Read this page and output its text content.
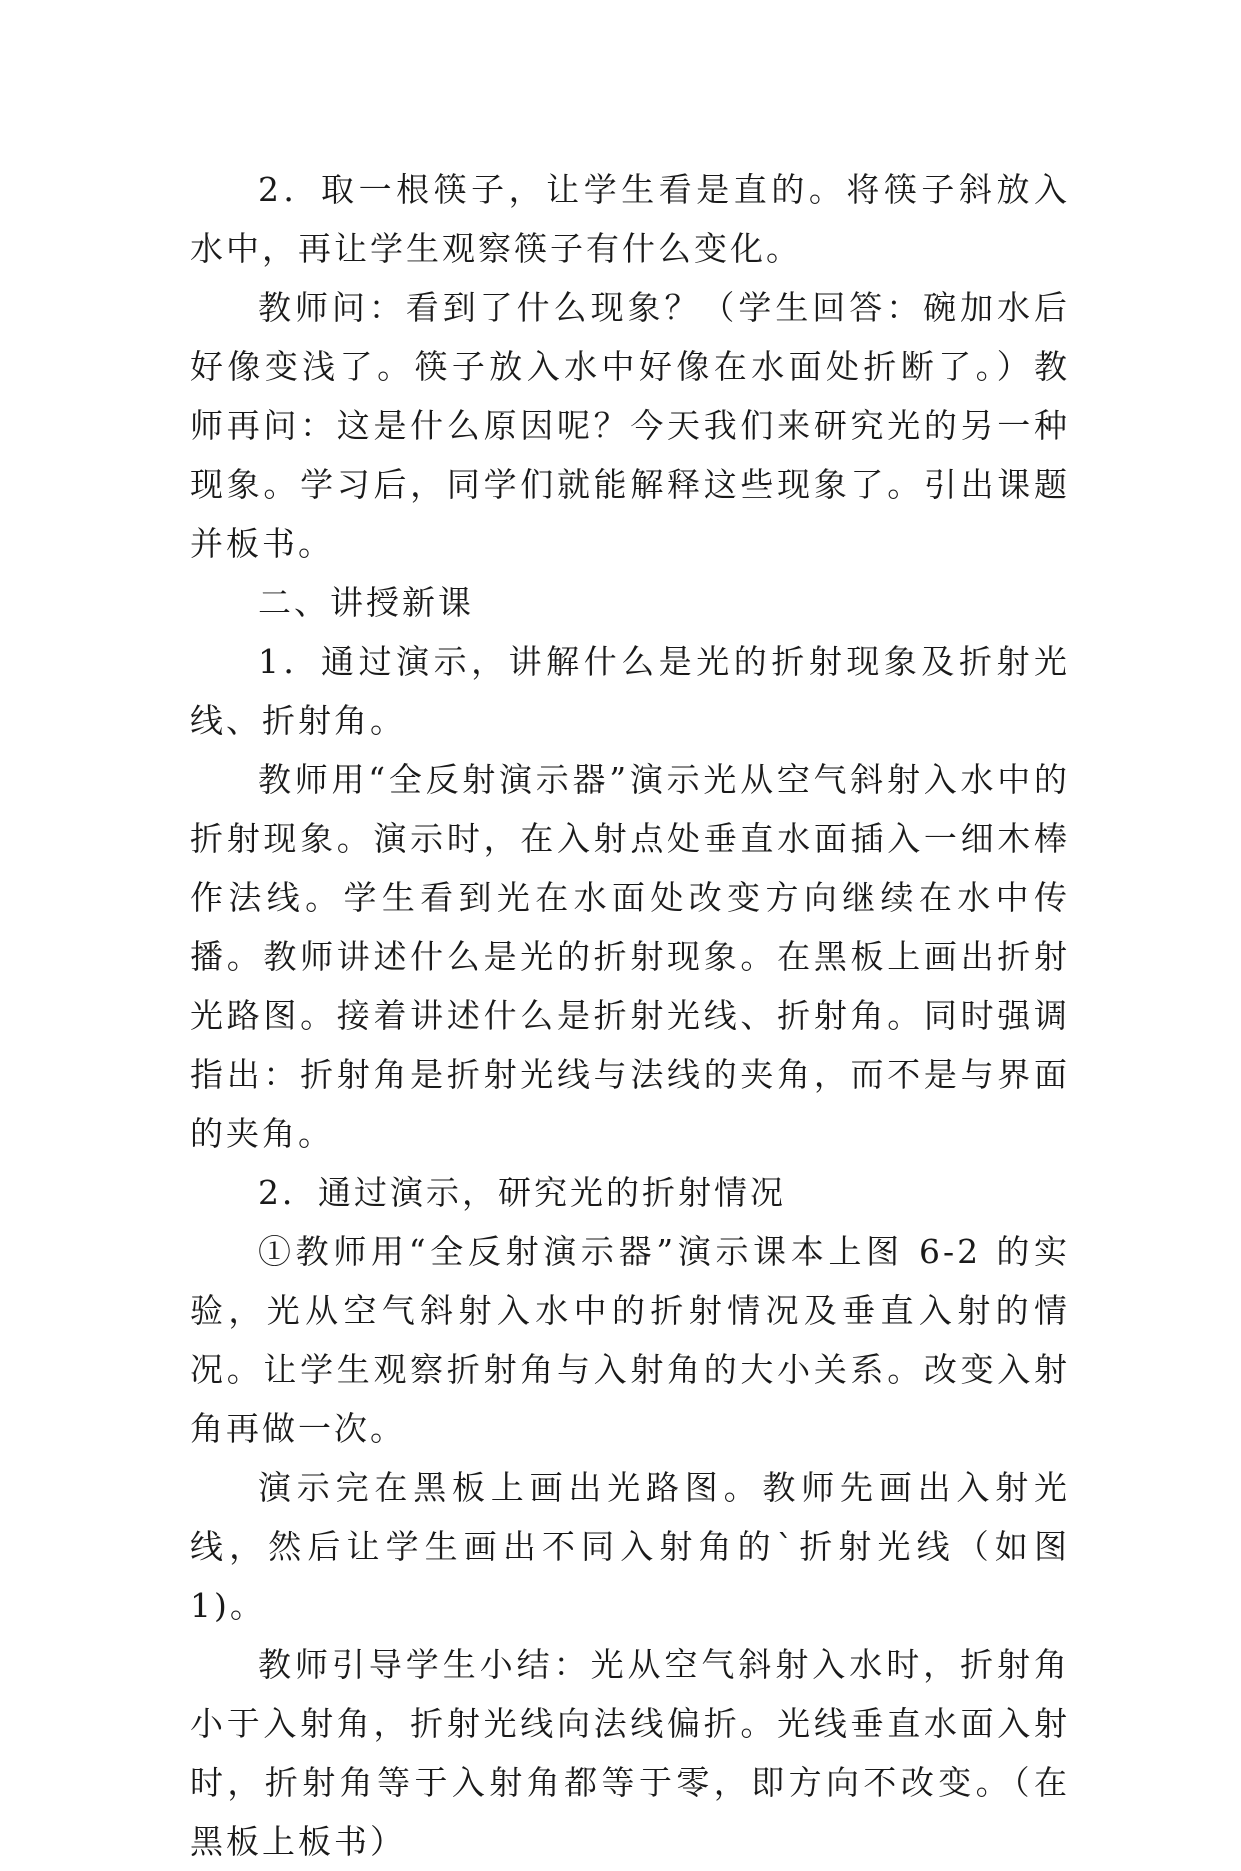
2．取一根筷子，让学生看是直的。将筷子斜放入水中，再让学生观察筷子有什么变化。

教师问：看到了什么现象？（学生回答：碗加水后好像变浅了。筷子放入水中好像在水面处折断了。）教师再问：这是什么原因呢？今天我们来研究光的另一种现象。学习后，同学们就能解释这些现象了。引出课题并板书。

二、讲授新课

1．通过演示，讲解什么是光的折射现象及折射光线、折射角。

教师用“全反射演示器”演示光从空气斜射入水中的折射现象。演示时，在入射点处垂直水面插入一细木棒作法线。学生看到光在水面处改变方向继续在水中传播。教师讲述什么是光的折射现象。在黑板上画出折射光路图。接着讲述什么是折射光线、折射角。同时强调指出：折射角是折射光线与法线的夹角，而不是与界面的夹角。

2．通过演示，研究光的折射情况

①教师用“全反射演示器”演示课本上图 6-2 的实验，光从空气斜射入水中的折射情况及垂直入射的情况。让学生观察折射角与入射角的大小关系。改变入射角再做一次。

演示完在黑板上画出光路图。教师先画出入射光线，然后让学生画出不同入射角的`折射光线（如图 1)。

教师引导学生小结：光从空气斜射入水时，折射角小于入射角，折射光线向法线偏折。光线垂直水面入射时，折射角等于入射角都等于零，即方向不改变。（在黑板上板书）
